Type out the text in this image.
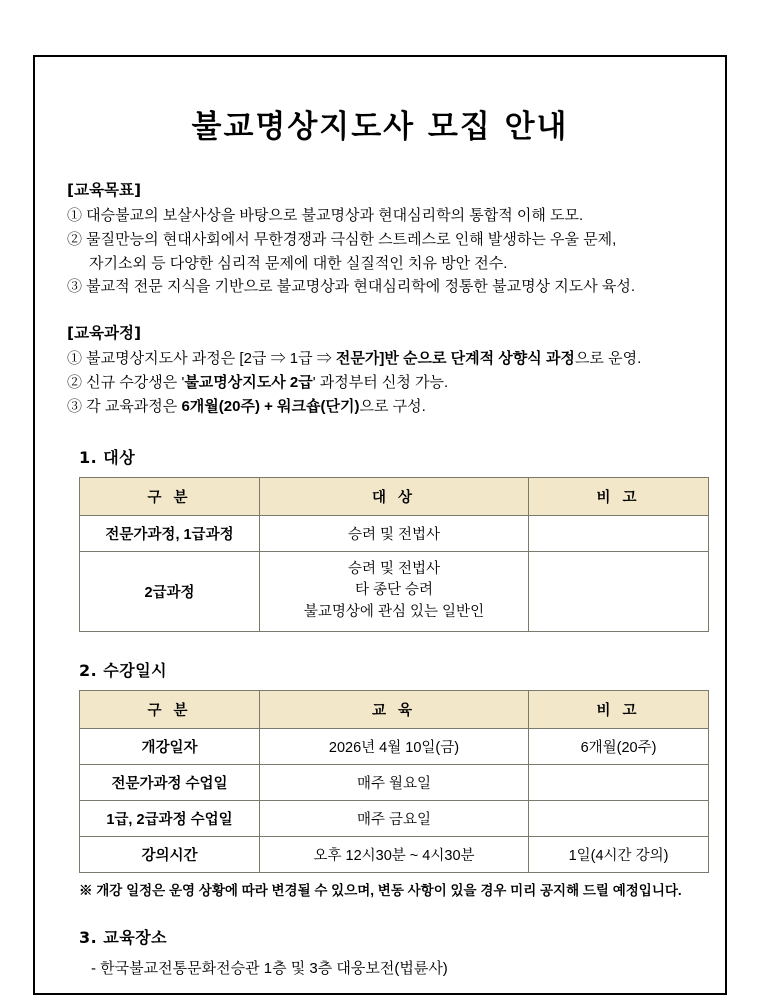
불교명상지도사 모집 안내
[교육목표]
① 대승불교의 보살사상을 바탕으로 불교명상과 현대심리학의 통합적 이해 도모.
② 물질만능의 현대사회에서 무한경쟁과 극심한 스트레스로 인해 발생하는 우울 문제,
자기소외 등 다양한 심리적 문제에 대한 실질적인 치유 방안 전수.
③ 불교적 전문 지식을 기반으로 불교명상과 현대심리학에 정통한 불교명상 지도사 육성.
[교육과정]
① 불교명상지도사 과정은 [2급 ⇒ 1급 ⇒ 전문가]반 순으로 단계적 상향식 과정으로 운영.
② 신규 수강생은 '불교명상지도사 2급' 과정부터 신청 가능.
③ 각 교육과정은 6개월(20주) + 워크숍(단기)으로 구성.
1. 대상
구 분	대 상	비 고
전문가과정, 1급과정	승려 및 전법사	
2급과정	승려 및 전법사
타 종단 승려
불교명상에 관심 있는 일반인	

2. 수강일시
구 분	교 육	비 고
개강일자	2026년 4월 10일(금)	6개월(20주)
전문가과정 수업일	매주 월요일	
1급, 2급과정 수업일	매주 금요일	
강의시간	오후 12시30분 ~ 4시30분	1일(4시간 강의)
※ 개강 일정은 운영 상황에 따라 변경될 수 있으며, 변동 사항이 있을 경우 미리 공지해 드릴 예정입니다.
3. 교육장소
- 한국불교전통문화전승관 1층 및 3층 대웅보전(법륜사)
